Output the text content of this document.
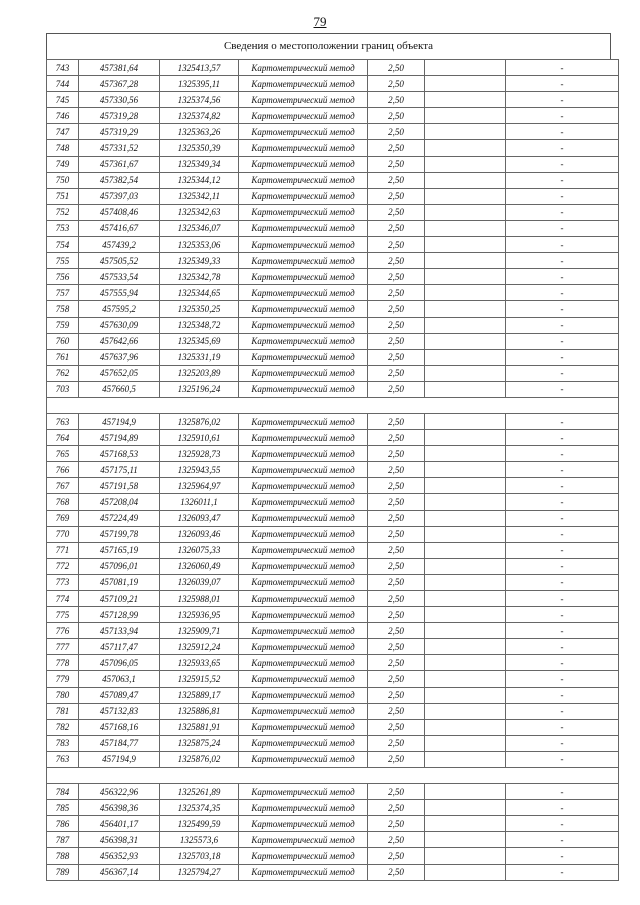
79
Сведения о местоположении границ объекта
743	457381,64	1325413,57	Картометрический метод	2,50		-
744	457367,28	1325395,11	Картометрический метод	2,50		-
745	457330,56	1325374,56	Картометрический метод	2,50		-
746	457319,28	1325374,82	Картометрический метод	2,50		-
747	457319,29	1325363,26	Картометрический метод	2,50		-
748	457331,52	1325350,39	Картометрический метод	2,50		-
749	457361,67	1325349,34	Картометрический метод	2,50		-
750	457382,54	1325344,12	Картометрический метод	2,50		-
751	457397,03	1325342,11	Картометрический метод	2,50		-
752	457408,46	1325342,63	Картометрический метод	2,50		-
753	457416,67	1325346,07	Картометрический метод	2,50		-
754	457439,2	1325353,06	Картометрический метод	2,50		-
755	457505,52	1325349,33	Картометрический метод	2,50		-
756	457533,54	1325342,78	Картометрический метод	2,50		-
757	457555,94	1325344,65	Картометрический метод	2,50		-
758	457595,2	1325350,25	Картометрический метод	2,50		-
759	457630,09	1325348,72	Картометрический метод	2,50		-
760	457642,66	1325345,69	Картометрический метод	2,50		-
761	457637,96	1325331,19	Картометрический метод	2,50		-
762	457652,05	1325203,89	Картометрический метод	2,50		-
703	457660,5	1325196,24	Картометрический метод	2,50		-

763	457194,9	1325876,02	Картометрический метод	2,50		-
764	457194,89	1325910,61	Картометрический метод	2,50		-
765	457168,53	1325928,73	Картометрический метод	2,50		-
766	457175,11	1325943,55	Картометрический метод	2,50		-
767	457191,58	1325964,97	Картометрический метод	2,50		-
768	457208,04	1326011,1	Картометрический метод	2,50		-
769	457224,49	1326093,47	Картометрический метод	2,50		-
770	457199,78	1326093,46	Картометрический метод	2,50		-
771	457165,19	1326075,33	Картометрический метод	2,50		-
772	457096,01	1326060,49	Картометрический метод	2,50		-
773	457081,19	1326039,07	Картометрический метод	2,50		-
774	457109,21	1325988,01	Картометрический метод	2,50		-
775	457128,99	1325936,95	Картометрический метод	2,50		-
776	457133,94	1325909,71	Картометрический метод	2,50		-
777	457117,47	1325912,24	Картометрический метод	2,50		-
778	457096,05	1325933,65	Картометрический метод	2,50		-
779	457063,1	1325915,52	Картометрический метод	2,50		-
780	457089,47	1325889,17	Картометрический метод	2,50		-
781	457132,83	1325886,81	Картометрический метод	2,50		-
782	457168,16	1325881,91	Картометрический метод	2,50		-
783	457184,77	1325875,24	Картометрический метод	2,50		-
763	457194,9	1325876,02	Картометрический метод	2,50		-

784	456322,96	1325261,89	Картометрический метод	2,50		-
785	456398,36	1325374,35	Картометрический метод	2,50		-
786	456401,17	1325499,59	Картометрический метод	2,50		-
787	456398,31	1325573,6	Картометрический метод	2,50		-
788	456352,93	1325703,18	Картометрический метод	2,50		-
789	456367,14	1325794,27	Картометрический метод	2,50		-
